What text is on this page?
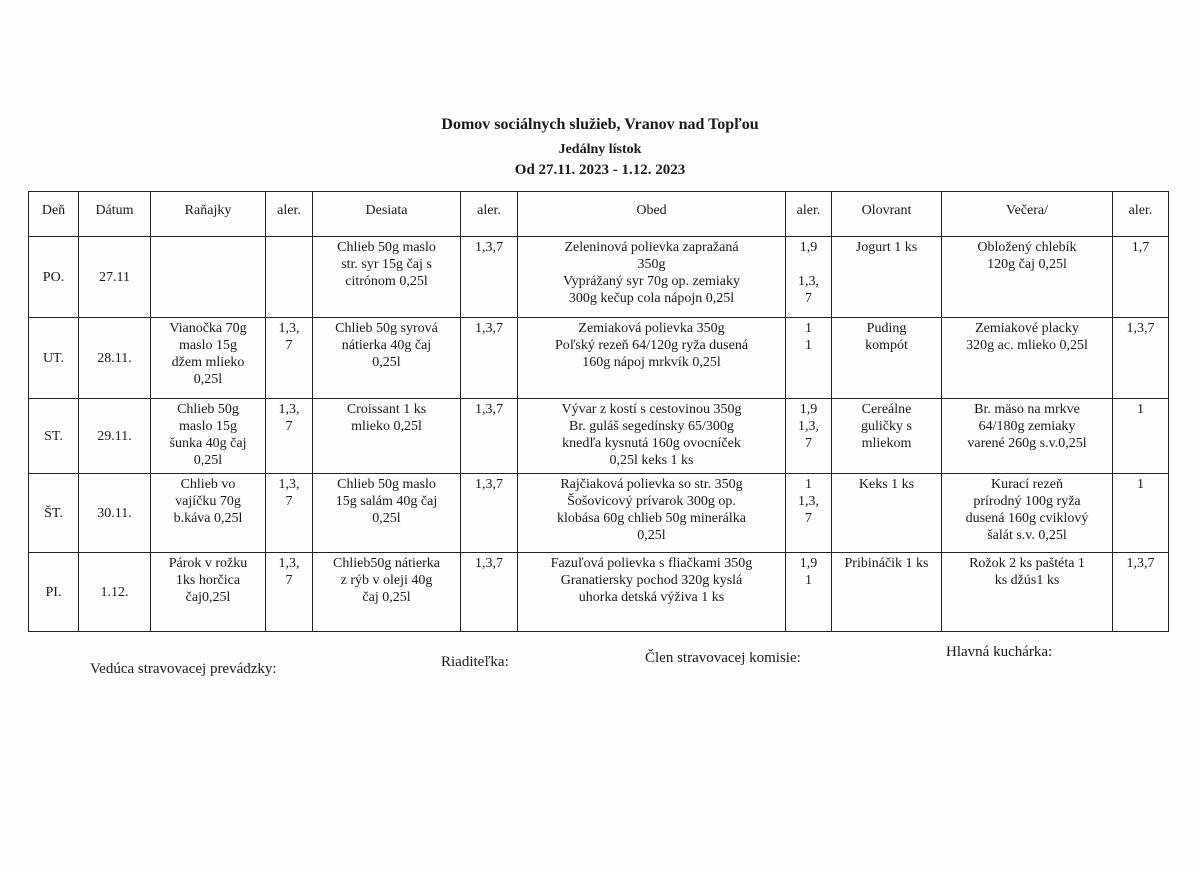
Domov sociálnych služieb, Vranov nad Topľou
Jedálny lístok
Od 27.11. 2023 - 1.12. 2023
Deň	Dátum	Raňajky	aler.	Desiata	aler.	Obed	aler.	Olovrant	Večera/	aler.
PO.	27.11			Chlieb 50g maslo
str. syr 15g čaj s
citrónom 0,25l	1,3,7	Zeleninová polievka zapražaná
350g
Vyprážaný syr 70g op. zemiaky
300g kečup cola nápojn 0,25l	1,9

1,3,
7	Jogurt 1 ks	Obložený chlebík
120g čaj 0,25l	1,7
UT.	28.11.	Vianočka 70g
maslo 15g
džem mlieko
0,25l	1,3,
7	Chlieb 50g syrová
nátierka 40g čaj
0,25l	1,3,7	Zemiaková polievka 350g
Poľský rezeň 64/120g ryža dusená
160g nápoj mrkvík 0,25l	1
1	Puding
kompót	Zemiakové placky
320g ac. mlieko 0,25l	1,3,7
ST.	29.11.	Chlieb 50g
maslo 15g
šunka 40g čaj
0,25l	1,3,
7	Croissant 1 ks
mlieko 0,25l	1,3,7	Vývar z kostí s cestovinou 350g
Br. guláš segedínsky 65/300g
knedľa kysnutá 160g ovocníček
0,25l keks 1 ks	1,9
1,3,
7	Cereálne
guličky s
mliekom	Br. mäso na mrkve
64/180g zemiaky
varené 260g s.v.0,25l	1
ŠT.	30.11.	Chlieb vo
vajíčku 70g
b.káva 0,25l	1,3,
7	Chlieb 50g maslo
15g salám 40g čaj
0,25l	1,3,7	Rajčiaková polievka so str. 350g
Šošovicový prívarok 300g op.
klobása 60g chlieb 50g minerálka
0,25l	1
1,3,
7	Keks 1 ks	Kurací rezeň
prírodný 100g ryža
dusená 160g cviklový
šalát s.v. 0,25l	1
PI.	1.12.	Párok v rožku
1ks horčica
čaj0,25l	1,3,
7	Chlieb50g nátierka
z rýb v oleji 40g
čaj 0,25l	1,3,7	Fazuľová polievka s fliačkami 350g
Granatiersky pochod 320g kyslá
uhorka detská výživa 1 ks	1,9
1	Pribináčik 1 ks	Rožok 2 ks paštéta 1
ks džús1 ks	1,3,7
Vedúca stravovacej prevádzky:	Riaditeľka:	Člen stravovacej komisie:	Hlavná kuchárka:
